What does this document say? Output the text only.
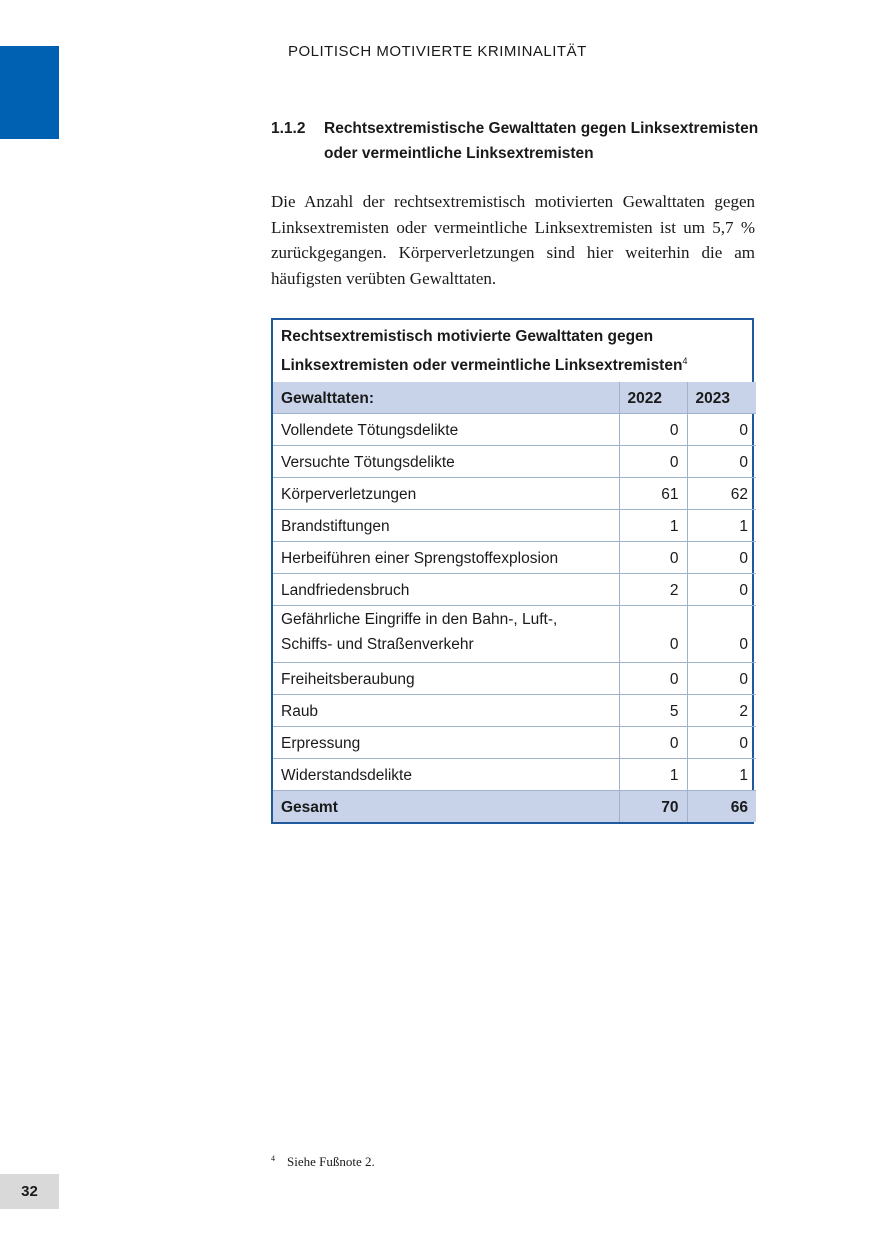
POLITISCH MOTIVIERTE KRIMINALITÄT
1.1.2	Rechtsextremistische Gewalttaten gegen Linksextremisten
oder vermeintliche Linksextremisten

Die Anzahl der rechtsextremistisch motivierten Gewalttaten gegen Linksextremisten oder vermeintliche Linksextremisten ist um 5,7 % zurückgegangen. Körperverletzungen sind hier weiterhin die am häufigsten verübten Gewalttaten.

Rechtsextremistisch motivierte Gewalttaten gegen
Linksextremisten oder vermeintliche Linksextremisten$^4$
Gewalttaten:	2022	2023
Vollendete Tötungsdelikte	0	0
Versuchte Tötungsdelikte	0	0
Körperverletzungen	61	62
Brandstiftungen	1	1
Herbeiführen einer Sprengstoffexplosion	0	0
Landfriedensbruch	2	0
Gefährliche Eingriffe in den Bahn-, Luft-,
Schiffs- und Straßenverkehr	0	0
Freiheitsberaubung	0	0
Raub	5	2
Erpressung	0	0
Widerstandsdelikte	1	1
Gesamt	70	66
$^4$ Siehe Fußnote 2.
32
